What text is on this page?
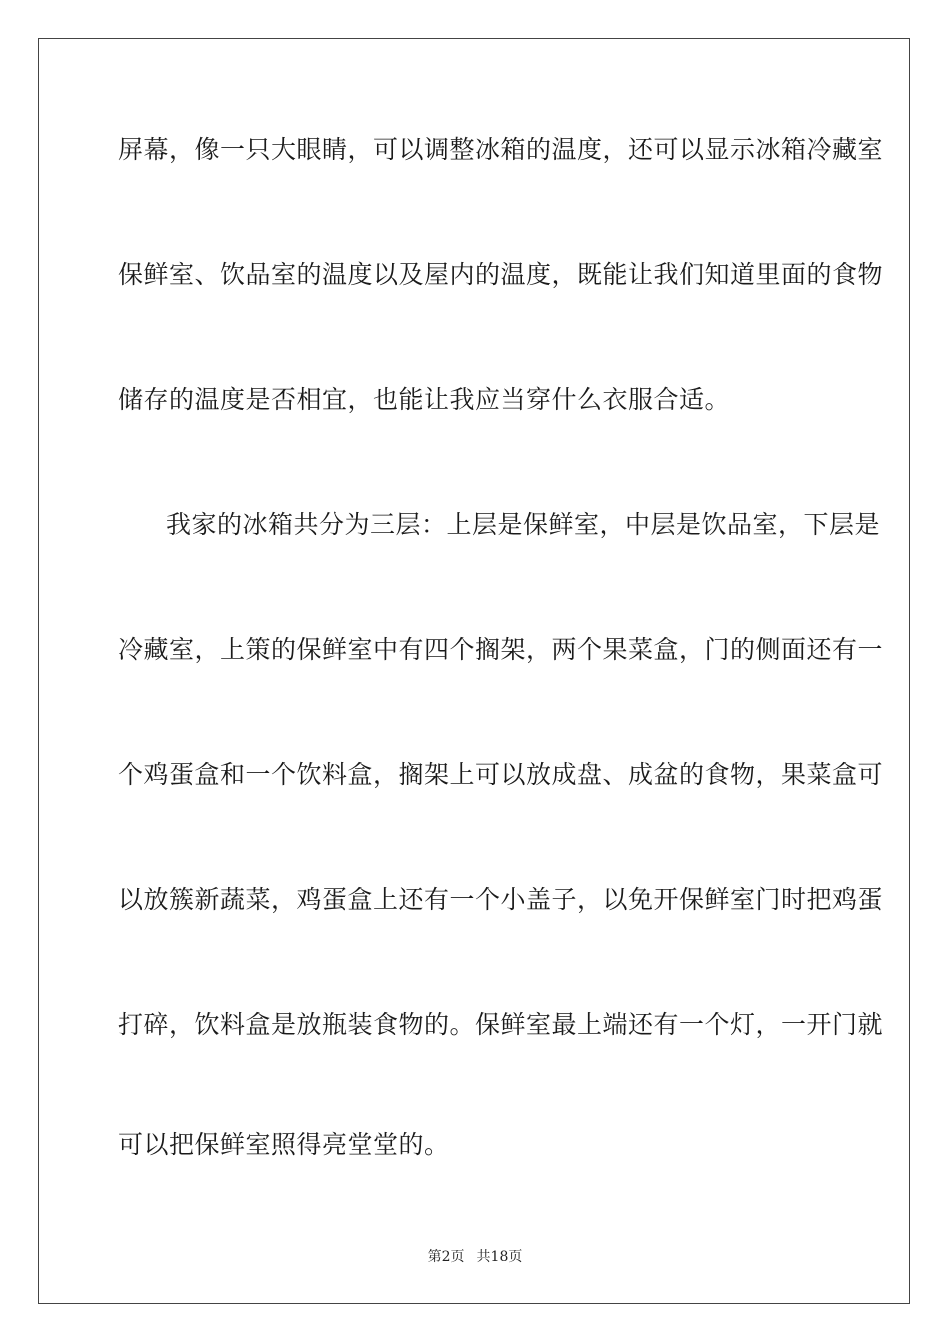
屏幕，像一只大眼睛，可以调整冰箱的温度，还可以显示冰箱冷藏室
保鲜室、饮品室的温度以及屋内的温度，既能让我们知道里面的食物
储存的温度是否相宜，也能让我应当穿什么衣服合适。
我家的冰箱共分为三层：上层是保鲜室，中层是饮品室，下层是
冷藏室，上策的保鲜室中有四个搁架，两个果菜盒，门的侧面还有一
个鸡蛋盒和一个饮料盒，搁架上可以放成盘、成盆的食物，果菜盒可
以放簇新蔬菜，鸡蛋盒上还有一个小盖子，以免开保鲜室门时把鸡蛋
打碎，饮料盒是放瓶装食物的。保鲜室最上端还有一个灯，一开门就
可以把保鲜室照得亮堂堂的。
第2页 共18页
